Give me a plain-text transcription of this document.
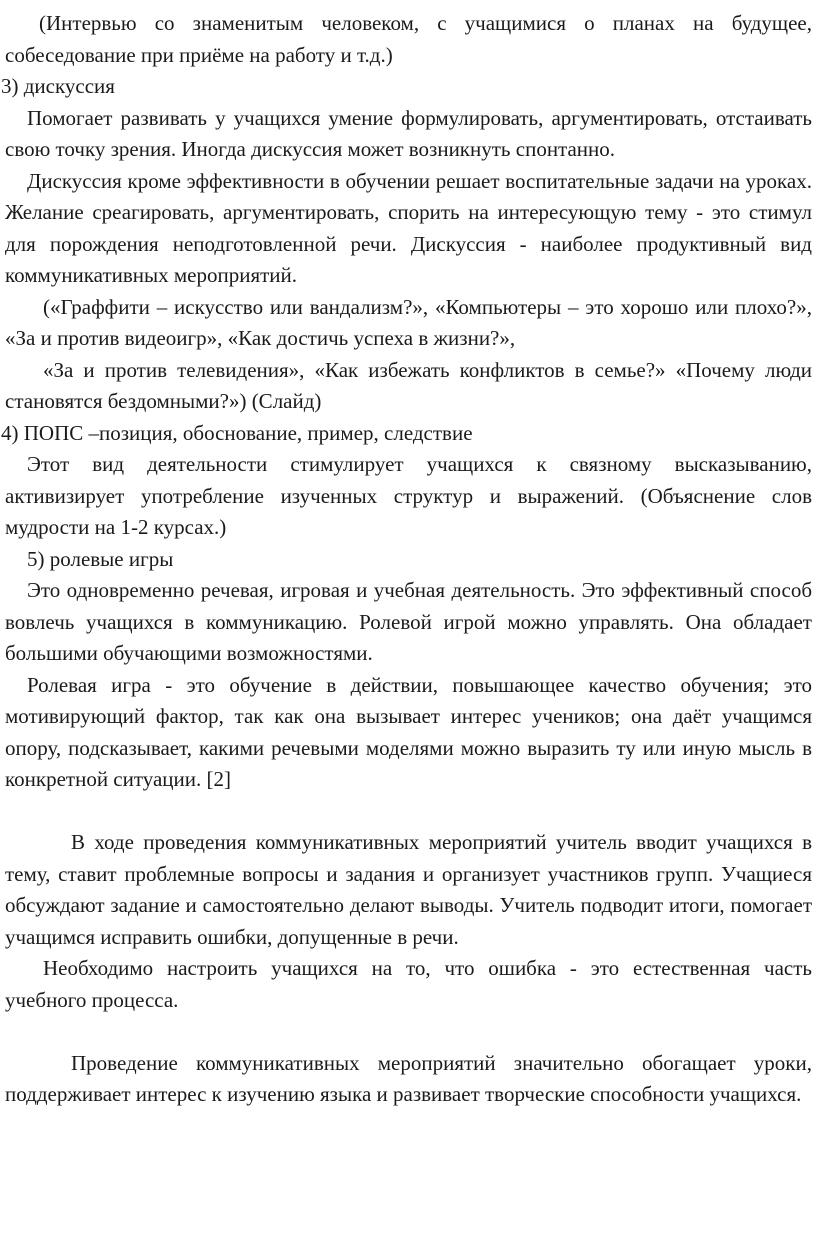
(Интервью со знаменитым человеком, с учащимися о планах на будущее, собеседование при приёме на работу и т.д.)

3) дискуссия

Помогает развивать у учащихся умение формулировать, аргументировать, отстаивать свою точку зрения. Иногда дискуссия может возникнуть спонтанно.

Дискуссия кроме эффективности в обучении решает воспитательные задачи на уроках. Желание среагировать, аргументировать, спорить на интересующую тему - это стимул для порождения неподготовленной речи. Дискуссия - наиболее продуктивный вид коммуникативных мероприятий.

(«Граффити – искусство или вандализм?», «Компьютеры – это хорошо или плохо?», «За и против видеоигр», «Как достичь успеха в жизни?»,

«За и против телевидения», «Как избежать конфликтов в семье?» «Почему люди становятся бездомными?») (Слайд)

4) ПОПС –позиция, обоснование, пример, следствие

Этот вид деятельности стимулирует учащихся к связному высказыванию, активизирует употребление изученных структур и выражений. (Объяснение слов мудрости на 1-2 курсах.)

5) ролевые игры

Это одновременно речевая, игровая и учебная деятельность. Это эффективный способ вовлечь учащихся в коммуникацию. Ролевой игрой можно управлять. Она обладает большими обучающими возможностями.

Ролевая игра - это обучение в действии, повышающее качество обучения; это мотивирующий фактор, так как она вызывает интерес учеников; она даёт учащимся опору, подсказывает, какими речевыми моделями можно выразить ту или иную мысль в конкретной ситуации. [2]

В ходе проведения коммуникативных мероприятий учитель вводит учащихся в тему, ставит проблемные вопросы и задания и организует участников групп. Учащиеся обсуждают задание и самостоятельно делают выводы. Учитель подводит итоги, помогает учащимся исправить ошибки, допущенные в речи.

Необходимо настроить учащихся на то, что ошибка - это естественная часть учебного процесса.

Проведение коммуникативных мероприятий значительно обогащает уроки, поддерживает интерес к изучению языка и развивает творческие способности учащихся.
